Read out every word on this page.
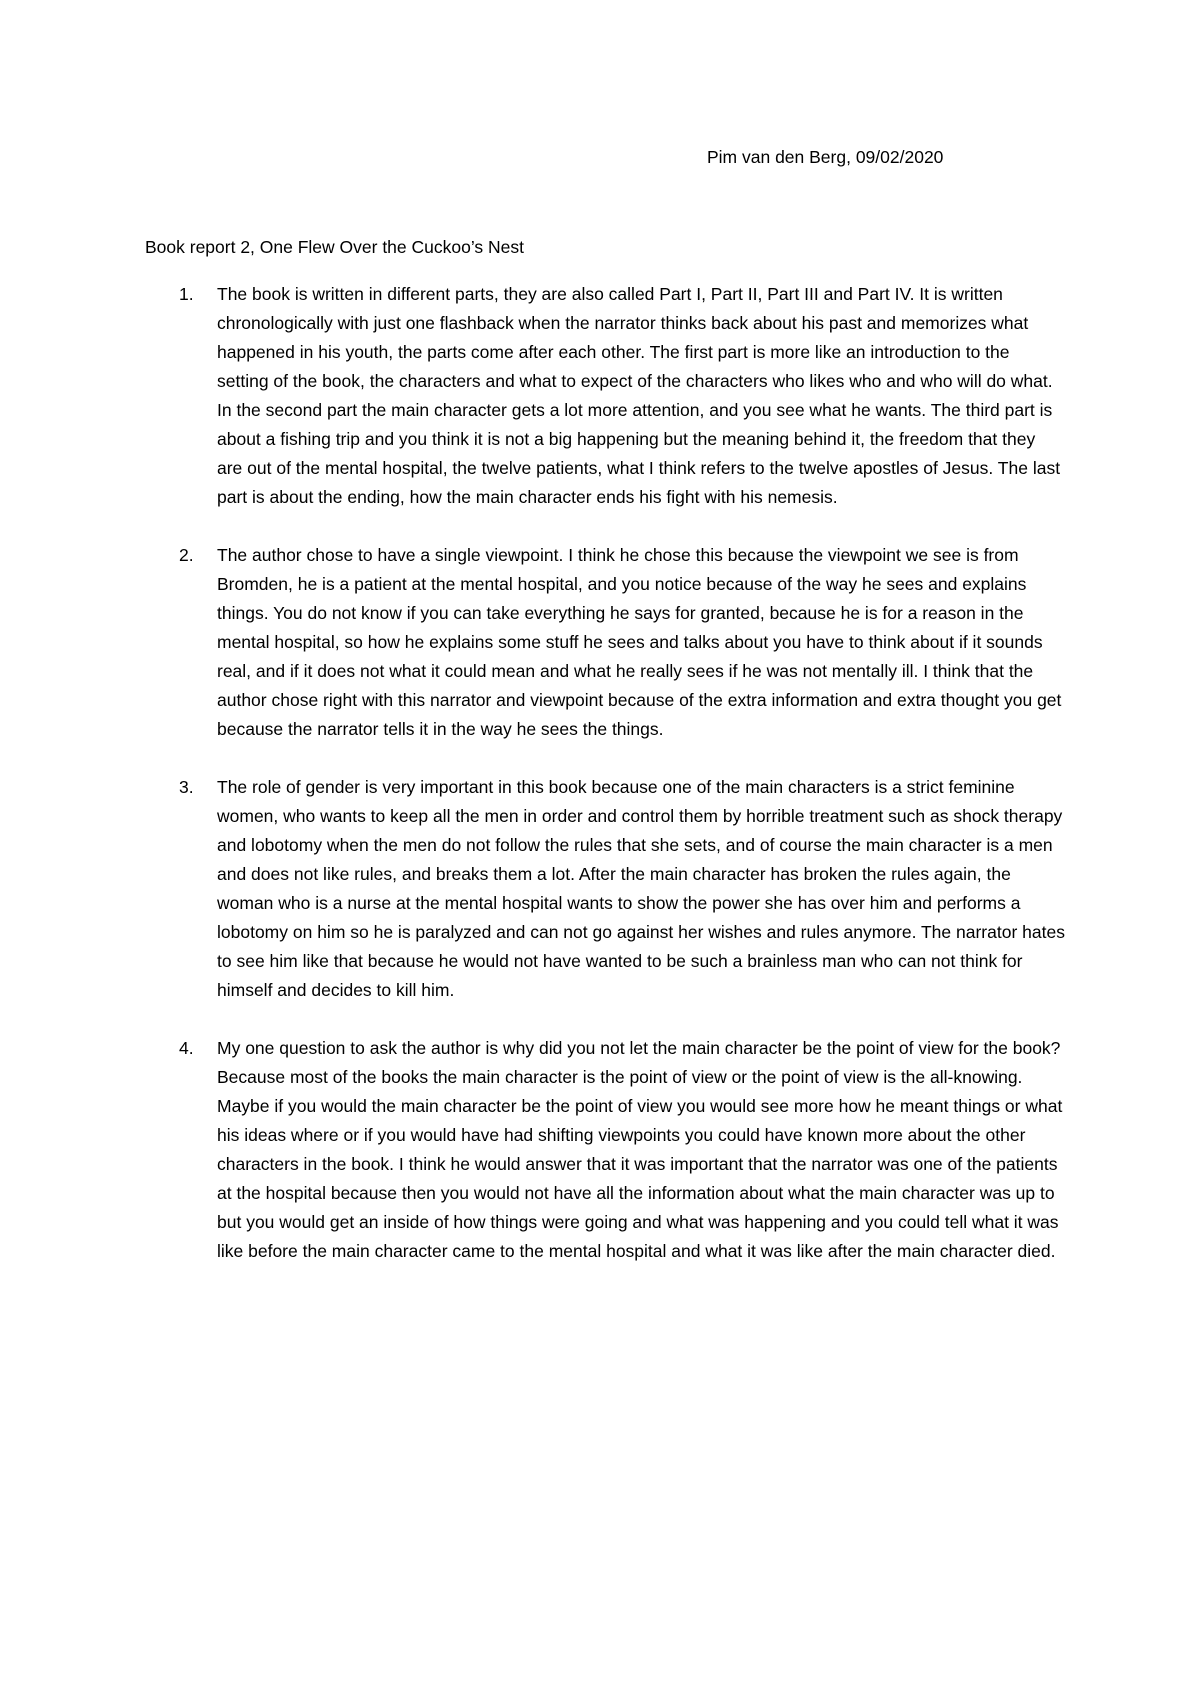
Pim van den Berg, 09/02/2020
Book report 2, One Flew Over the Cuckoo’s Nest
1. The book is written in different parts, they are also called Part I, Part II, Part III and Part IV. It is written chronologically with just one flashback when the narrator thinks back about his past and memorizes what happened in his youth, the parts come after each other. The first part is more like an introduction to the setting of the book, the characters and what to expect of the characters who likes who and who will do what. In the second part the main character gets a lot more attention, and you see what he wants. The third part is about a fishing trip and you think it is not a big happening but the meaning behind it, the freedom that they are out of the mental hospital, the twelve patients, what I think refers to the twelve apostles of Jesus. The last part is about the ending, how the main character ends his fight with his nemesis.
2. The author chose to have a single viewpoint. I think he chose this because the viewpoint we see is from Bromden, he is a patient at the mental hospital, and you notice because of the way he sees and explains things. You do not know if you can take everything he says for granted, because he is for a reason in the mental hospital, so how he explains some stuff he sees and talks about you have to think about if it sounds real, and if it does not what it could mean and what he really sees if he was not mentally ill. I think that the author chose right with this narrator and viewpoint because of the extra information and extra thought you get because the narrator tells it in the way he sees the things.
3. The role of gender is very important in this book because one of the main characters is a strict feminine women, who wants to keep all the men in order and control them by horrible treatment such as shock therapy and lobotomy when the men do not follow the rules that she sets, and of course the main character is a men and does not like rules, and breaks them a lot. After the main character has broken the rules again, the woman who is a nurse at the mental hospital wants to show the power she has over him and performs a lobotomy on him so he is paralyzed and can not go against her wishes and rules anymore. The narrator hates to see him like that because he would not have wanted to be such a brainless man who can not think for himself and decides to kill him.
4. My one question to ask the author is why did you not let the main character be the point of view for the book? Because most of the books the main character is the point of view or the point of view is the all-knowing. Maybe if you would the main character be the point of view you would see more how he meant things or what his ideas where or if you would have had shifting viewpoints you could have known more about the other characters in the book. I think he would answer that it was important that the narrator was one of the patients at the hospital because then you would not have all the information about what the main character was up to but you would get an inside of how things were going and what was happening and you could tell what it was like before the main character came to the mental hospital and what it was like after the main character died.
